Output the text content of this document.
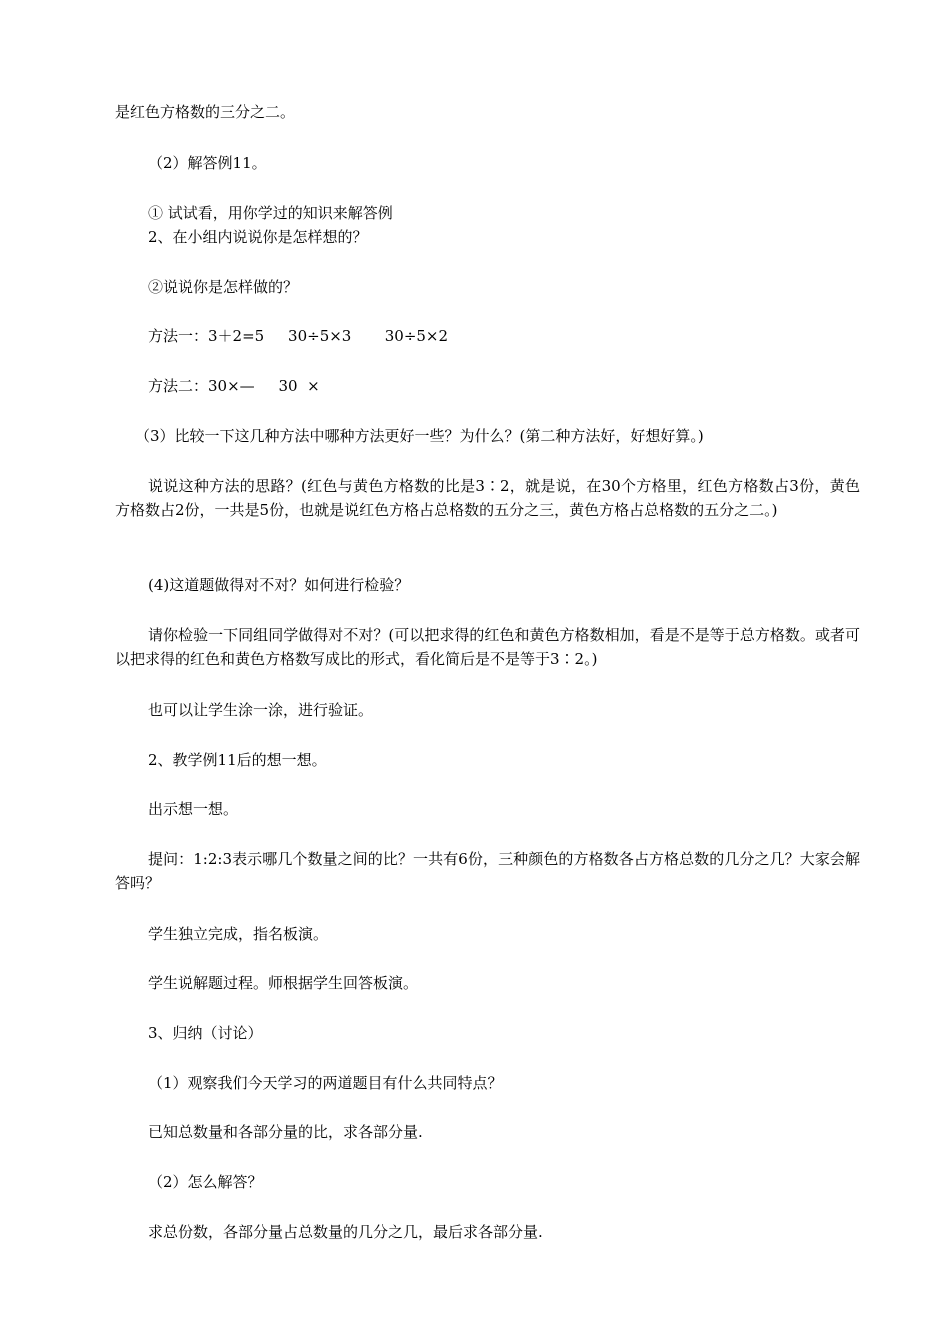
是红色方格数的三分之二。
（2）解答例11。
① 试试看，用你学过的知识来解答例
2、在小组内说说你是怎样想的？
②说说你是怎样做的？
方法一：3＋2=5     30÷5×3       30÷5×2
方法二：30×—     30  ×
（3）比较一下这几种方法中哪种方法更好一些？为什么？(第二种方法好，好想好算。)
说说这种方法的思路？(红色与黄色方格数的比是3∶2，就是说，在30个方格里，红色方格数占3份，黄色方格数占2份，一共是5份，也就是说红色方格占总格数的五分之三，黄色方格占总格数的五分之二。)
(4)这道题做得对不对？如何进行检验？
请你检验一下同组同学做得对不对？(可以把求得的红色和黄色方格数相加，看是不是等于总方格数。或者可以把求得的红色和黄色方格数写成比的形式，看化简后是不是等于3∶2。)
也可以让学生涂一涂，进行验证。
2、教学例11后的想一想。
出示想一想。
提问：1:2:3表示哪几个数量之间的比？一共有6份，三种颜色的方格数各占方格总数的几分之几？大家会解答吗？
学生独立完成，指名板演。
学生说解题过程。师根据学生回答板演。
3、归纳（讨论）
（1）观察我们今天学习的两道题目有什么共同特点？
已知总数量和各部分量的比，求各部分量.
（2）怎么解答？
求总份数，各部分量占总数量的几分之几，最后求各部分量.
